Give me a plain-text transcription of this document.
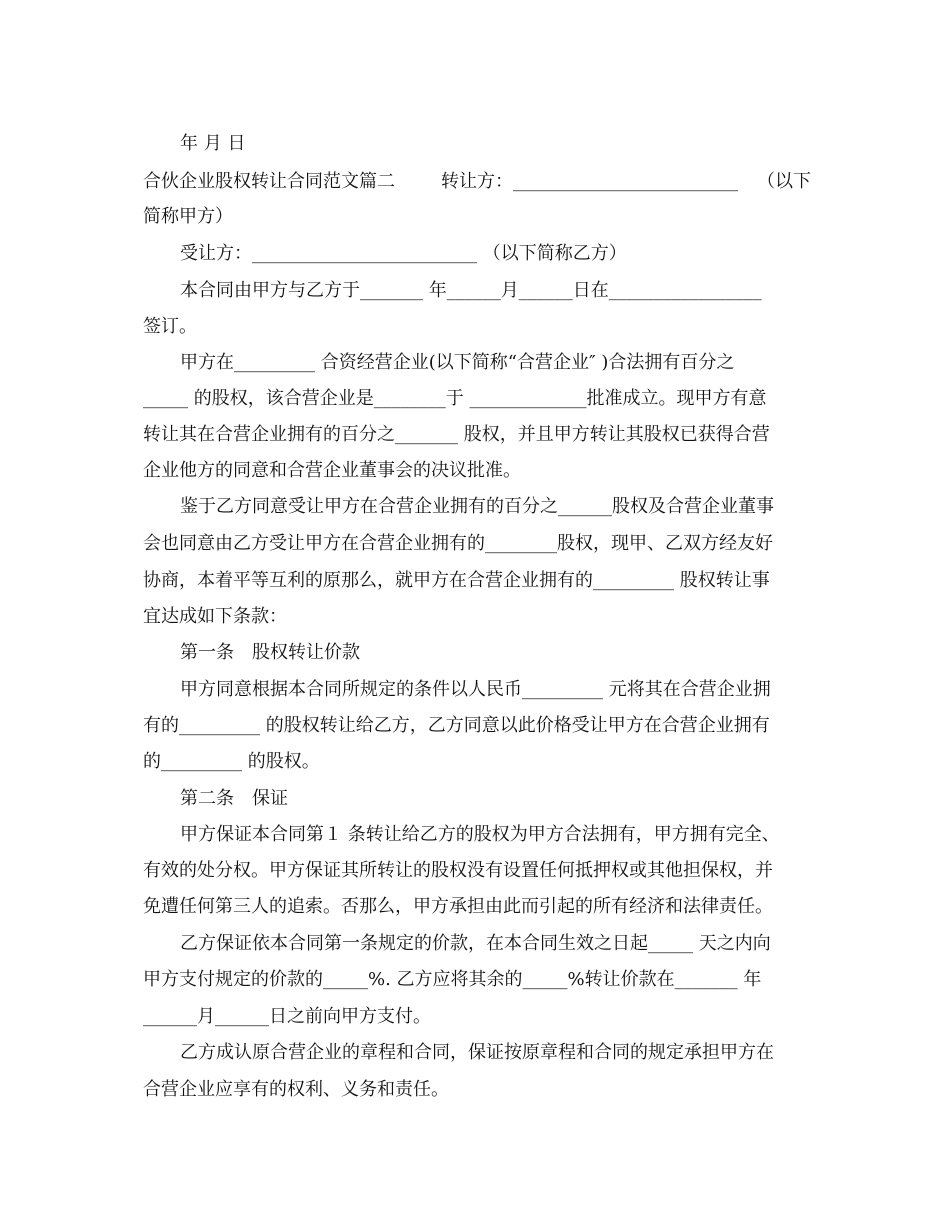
年 月 日
合伙企业股权转让合同范文篇二	转让方：_________________________ （以下
简称甲方）
受让方：_________________________ （以下简称乙方）
本合同由甲方与乙方于_______ 年______月______日在_________________
签订。
甲方在_________ 合资经营企业(以下简称“合营企业″ )合法拥有百分之
_____ 的股权，该合营企业是________于 _____________批准成立。现甲方有意
转让其在合营企业拥有的百分之_______ 股权，并且甲方转让其股权已获得合营
企业他方的同意和合营企业董事会的决议批准。
鉴于乙方同意受让甲方在合营企业拥有的百分之______股权及合营企业董事
会也同意由乙方受让甲方在合营企业拥有的________股权，现甲、乙双方经友好
协商，本着平等互利的原那么，就甲方在合营企业拥有的_________ 股权转让事
宜达成如下条款：
第一条　股权转让价款
甲方同意根据本合同所规定的条件以人民币_________ 元将其在合营企业拥
有的_________ 的股权转让给乙方，乙方同意以此价格受让甲方在合营企业拥有
的_________ 的股权。
第二条　保证
甲方保证本合同第１ 条转让给乙方的股权为甲方合法拥有，甲方拥有完全、
有效的处分权。甲方保证其所转让的股权没有设置任何抵押权或其他担保权，并
免遭任何第三人的追索。否那么，甲方承担由此而引起的所有经济和法律责任。
乙方保证依本合同第一条规定的价款，在本合同生效之日起_____ 天之内向
甲方支付规定的价款的_____%. 乙方应将其余的_____%转让价款在_______ 年
______月______日之前向甲方支付。
乙方成认原合营企业的章程和合同，保证按原章程和合同的规定承担甲方在
合营企业应享有的权利、义务和责任。
